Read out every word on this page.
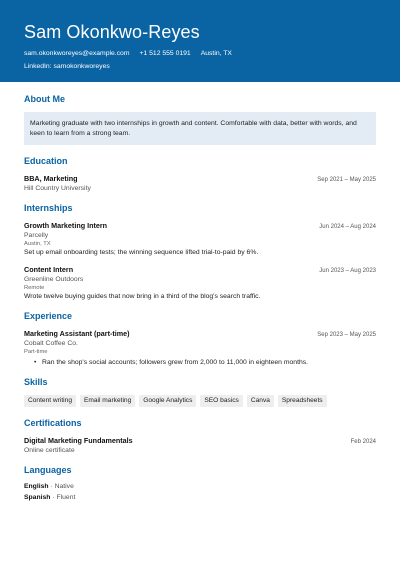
Sam Okonkwo-Reyes
sam.okonkworeyes@example.com +1 512 555 0191 Austin, TX
LinkedIn: samokonkworeyes
About Me
Marketing graduate with two internships in growth and content. Comfortable with data, better with words, and keen to learn from a strong team.
Education
BBA, Marketing	Sep 2021 – May 2025
Hill Country University
Internships
Growth Marketing Intern	Jun 2024 – Aug 2024
Parcelly
Austin, TX
Set up email onboarding tests; the winning sequence lifted trial-to-paid by 6%.
Content Intern	Jun 2023 – Aug 2023
Greenline Outdoors
Remote
Wrote twelve buying guides that now bring in a third of the blog's search traffic.
Experience
Marketing Assistant (part-time)	Sep 2023 – May 2025
Cobalt Coffee Co.
Part-time
• Ran the shop's social accounts; followers grew from 2,000 to 11,000 in eighteen months.
Skills
Content writing	Email marketing	Google Analytics	SEO basics	Canva	Spreadsheets
Certifications
Digital Marketing Fundamentals	Feb 2024
Online certificate
Languages
English · Native
Spanish · Fluent
